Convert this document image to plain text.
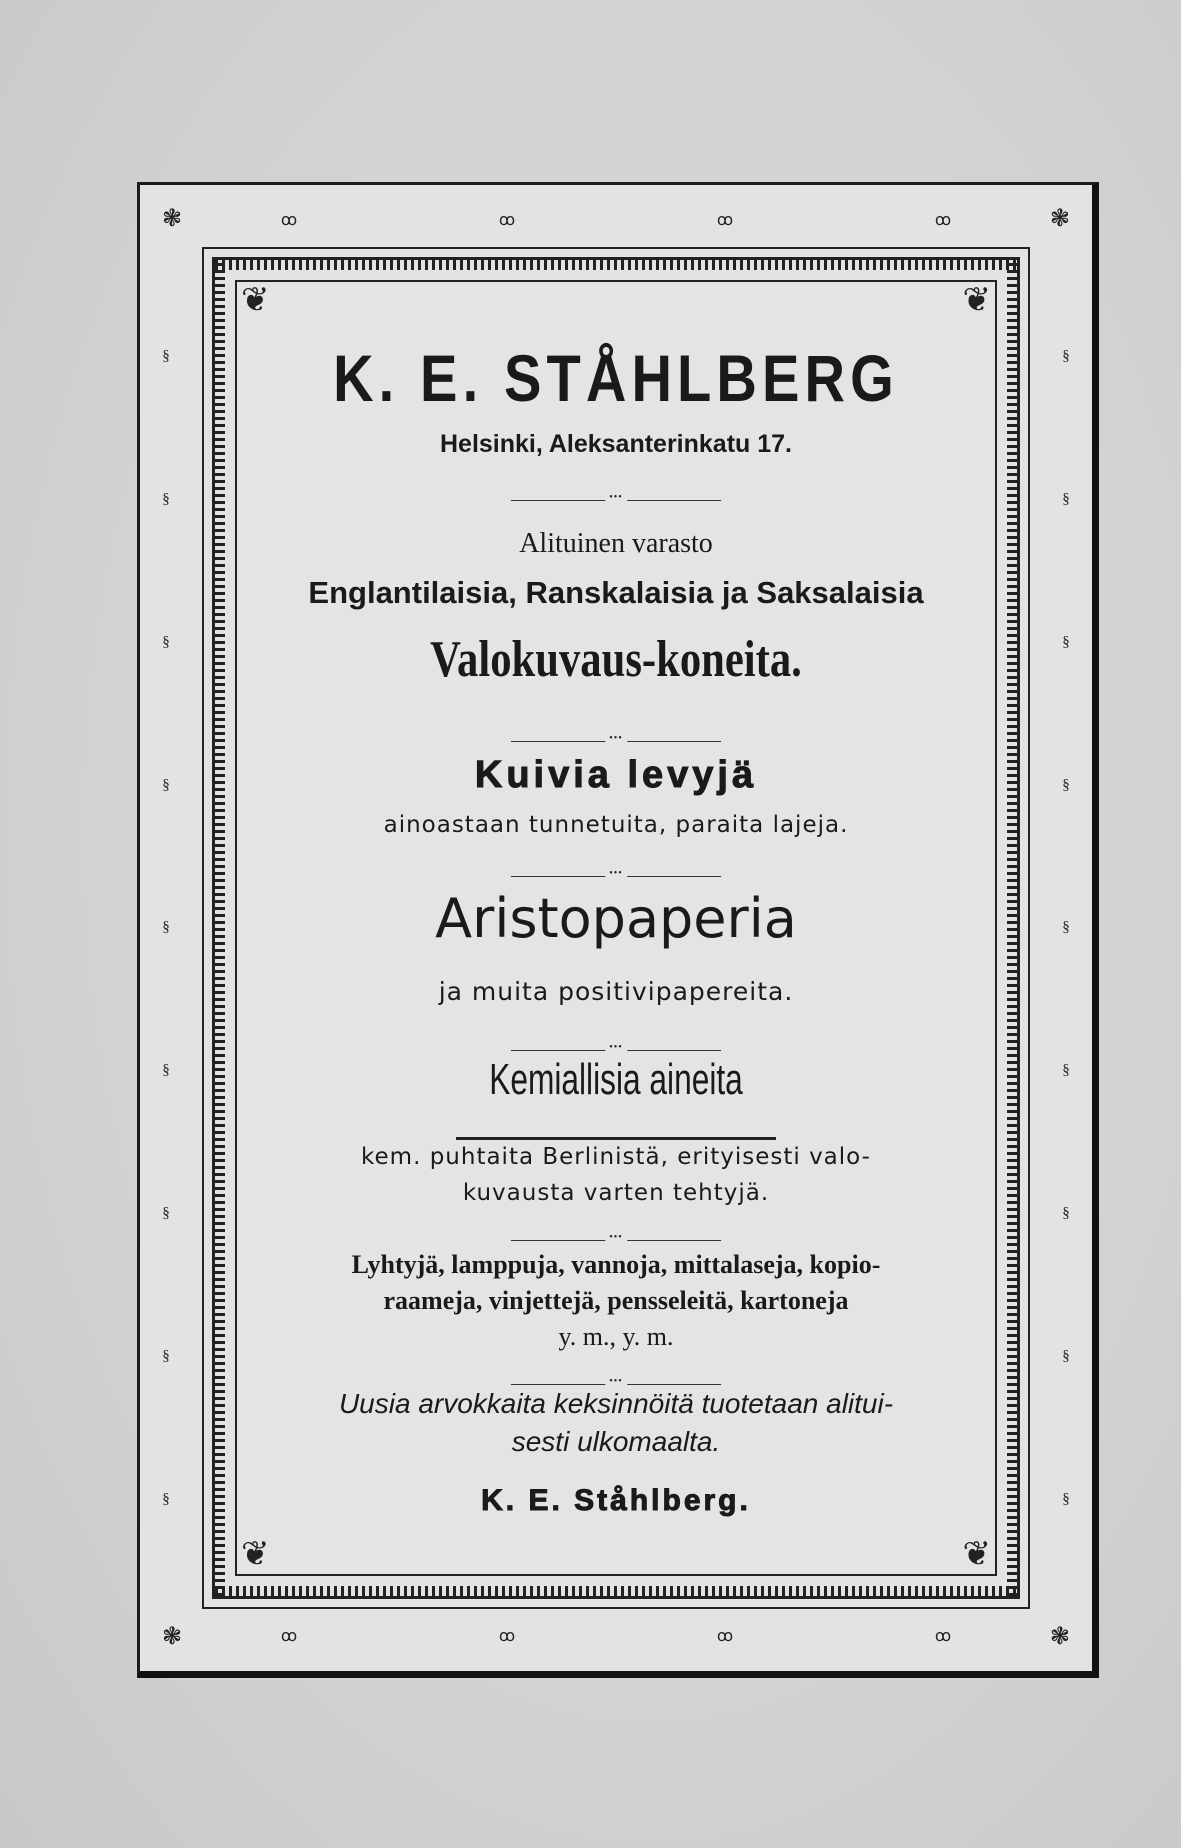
❃	❃
❃	❃
ꝏ	ꝏ	ꝏ	ꝏ
ꝏ	ꝏ	ꝏ	ꝏ
§
§
§
§
§
§
§
§
§
§
§
§
§
§
§
§
§
§
❦	❦
❦	❦
K. E. STÅHLBERG
Helsinki, Aleksanterinkatu 17.
•••
Alituinen varasto
Englantilaisia, Ranskalaisia ja Saksalaisia
Valokuvaus-koneita.
•••
Kuivia levyjä
ainoastaan tunnetuita, paraita lajeja.
•••
Aristopaperia
ja muita positivipapereita.
•••
Kemiallisia aineita
kem. puhtaita Berlinistä, erityisesti valo-
kuvausta varten tehtyjä.
•••
Lyhtyjä, lamppuja, vannoja, mittalaseja, kopio-
raameja, vinjettejä, pensseleitä, kartoneja
y. m., y. m.
•••
Uusia arvokkaita keksinnöitä tuotetaan alitui-
sesti ulkomaalta.
K. E. Ståhlberg.
